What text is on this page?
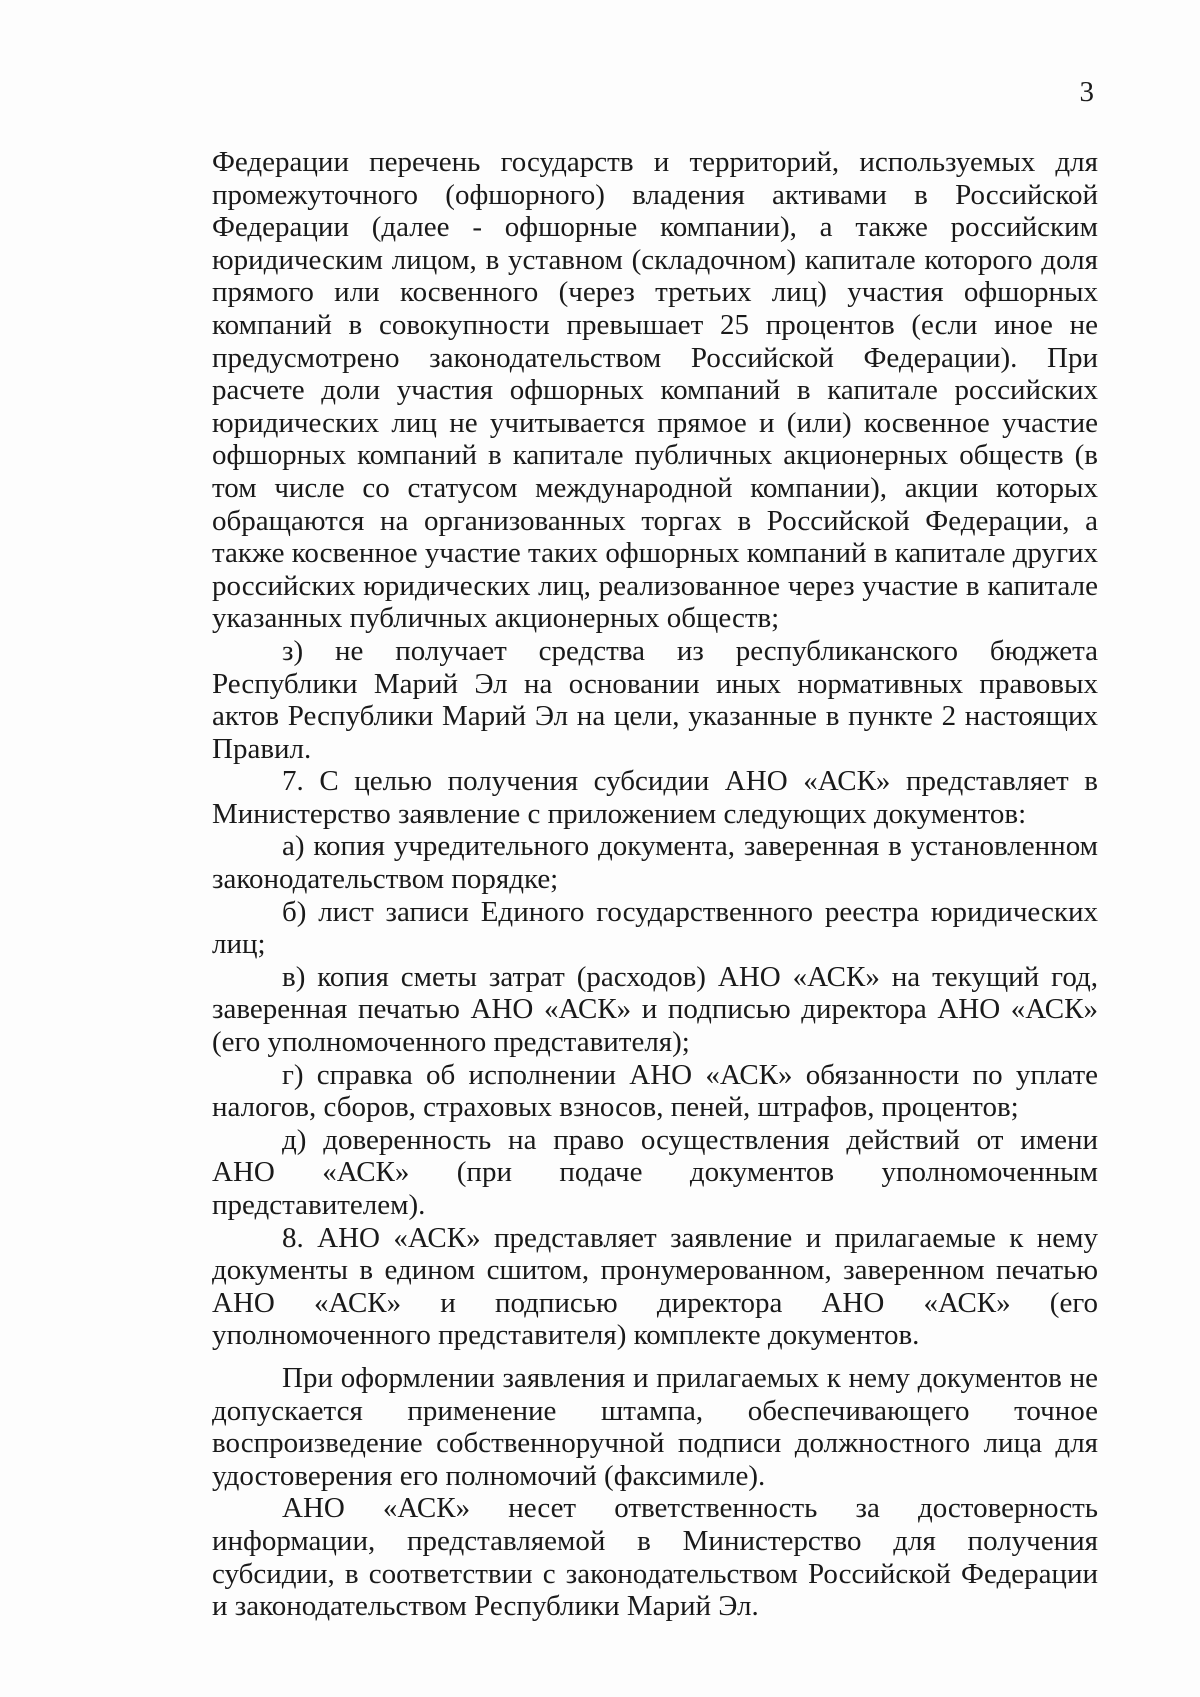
3

Федерации перечень государств и территорий, используемых для промежуточного (офшорного) владения активами в Российской Федерации (далее - офшорные компании), а также российским юридическим лицом, в уставном (складочном) капитале которого доля прямого или косвенного (через третьих лиц) участия офшорных компаний в совокупности превышает 25 процентов (если иное не предусмотрено законодательством Российской Федерации). При расчете доли участия офшорных компаний в капитале российских юридических лиц не учитывается прямое и (или) косвенное участие офшорных компаний в капитале публичных акционерных обществ (в том числе со статусом международной компании), акции которых обращаются на организованных торгах в Российской Федерации, а также косвенное участие таких офшорных компаний в капитале других российских юридических лиц, реализованное через участие в капитале указанных публичных акционерных обществ;

з) не получает средства из республиканского бюджета Республики Марий Эл на основании иных нормативных правовых актов Республики Марий Эл на цели, указанные в пункте 2 настоящих Правил.

7. С целью получения субсидии АНО «АСК» представляет в Министерство заявление с приложением следующих документов:

а) копия учредительного документа, заверенная в установленном законодательством порядке;

б) лист записи Единого государственного реестра юридических лиц;

в) копия сметы затрат (расходов) АНО «АСК» на текущий год, заверенная печатью АНО «АСК» и подписью директора АНО «АСК» (его уполномоченного представителя);

г) справка об исполнении АНО «АСК» обязанности по уплате налогов, сборов, страховых взносов, пеней, штрафов, процентов;

д) доверенность на право осуществления действий от имени АНО «АСК» (при подаче документов уполномоченным представителем).

8. АНО «АСК» представляет заявление и прилагаемые к нему документы в едином сшитом, пронумерованном, заверенном печатью АНО «АСК» и подписью директора АНО «АСК» (его уполномоченного представителя) комплекте документов.

При оформлении заявления и прилагаемых к нему документов не допускается применение штампа, обеспечивающего точное воспроизведение собственноручной подписи должностного лица для удостоверения его полномочий (факсимиле).

АНО «АСК» несет ответственность за достоверность информации, представляемой в Министерство для получения субсидии, в соответствии с законодательством Российской Федерации и законодательством Республики Марий Эл.
